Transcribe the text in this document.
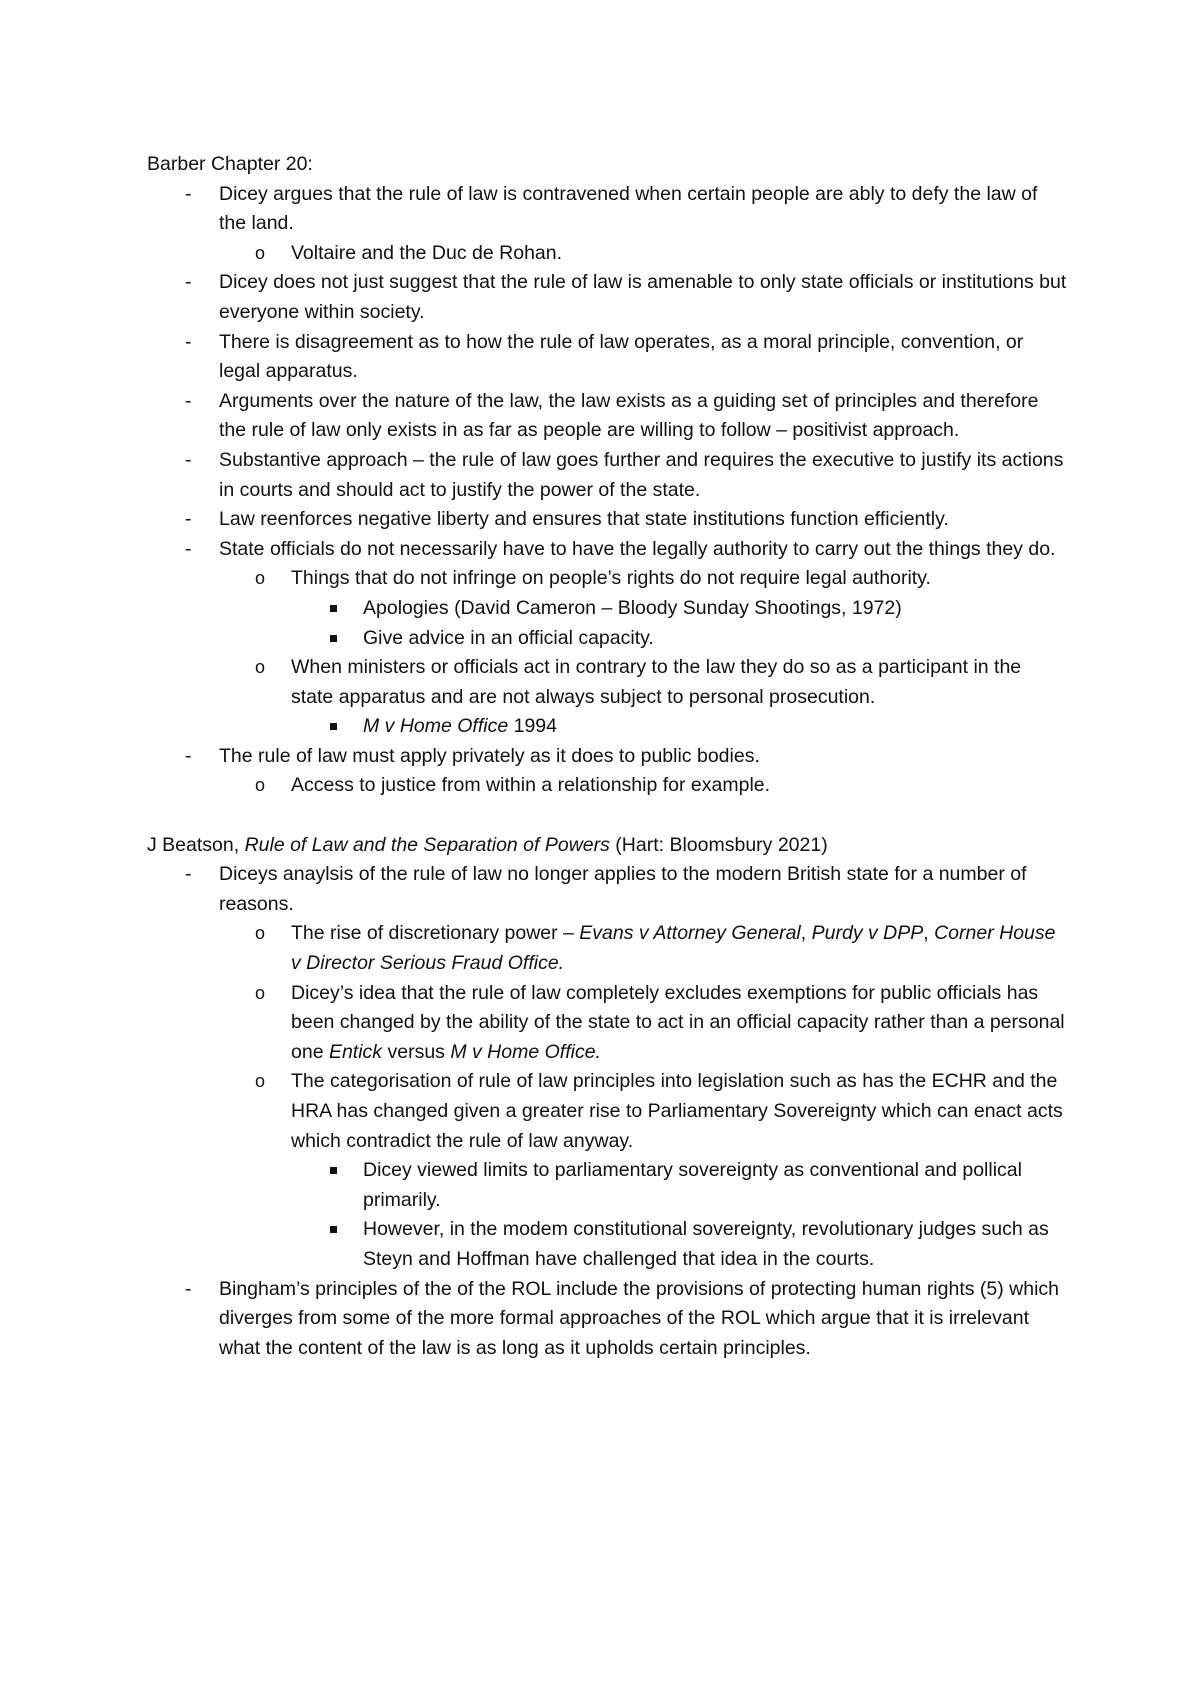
Barber Chapter 20:
- Dicey argues that the rule of law is contravened when certain people are ably to defy the law of the land.
o Voltaire and the Duc de Rohan.
- Dicey does not just suggest that the rule of law is amenable to only state officials or institutions but everyone within society.
- There is disagreement as to how the rule of law operates, as a moral principle, convention, or legal apparatus.
- Arguments over the nature of the law, the law exists as a guiding set of principles and therefore the rule of law only exists in as far as people are willing to follow – positivist approach.
- Substantive approach – the rule of law goes further and requires the executive to justify its actions in courts and should act to justify the power of the state.
- Law reenforces negative liberty and ensures that state institutions function efficiently.
- State officials do not necessarily have to have the legally authority to carry out the things they do.
o Things that do not infringe on people’s rights do not require legal authority.
Apologies (David Cameron – Bloody Sunday Shootings, 1972)
Give advice in an official capacity.
o When ministers or officials act in contrary to the law they do so as a participant in the state apparatus and are not always subject to personal prosecution.
M v Home Office 1994
- The rule of law must apply privately as it does to public bodies.
o Access to justice from within a relationship for example.
J Beatson, Rule of Law and the Separation of Powers (Hart: Bloomsbury 2021)
- Diceys anaylsis of the rule of law no longer applies to the modern British state for a number of reasons.
o The rise of discretionary power – Evans v Attorney General, Purdy v DPP, Corner House v Director Serious Fraud Office.
o Dicey’s idea that the rule of law completely excludes exemptions for public officials has been changed by the ability of the state to act in an official capacity rather than a personal one Entick versus M v Home Office.
o The categorisation of rule of law principles into legislation such as has the ECHR and the HRA has changed given a greater rise to Parliamentary Sovereignty which can enact acts which contradict the rule of law anyway.
Dicey viewed limits to parliamentary sovereignty as conventional and pollical primarily.
However, in the modem constitutional sovereignty, revolutionary judges such as Steyn and Hoffman have challenged that idea in the courts.
- Bingham’s principles of the of the ROL include the provisions of protecting human rights (5) which diverges from some of the more formal approaches of the ROL which argue that it is irrelevant what the content of the law is as long as it upholds certain principles.
